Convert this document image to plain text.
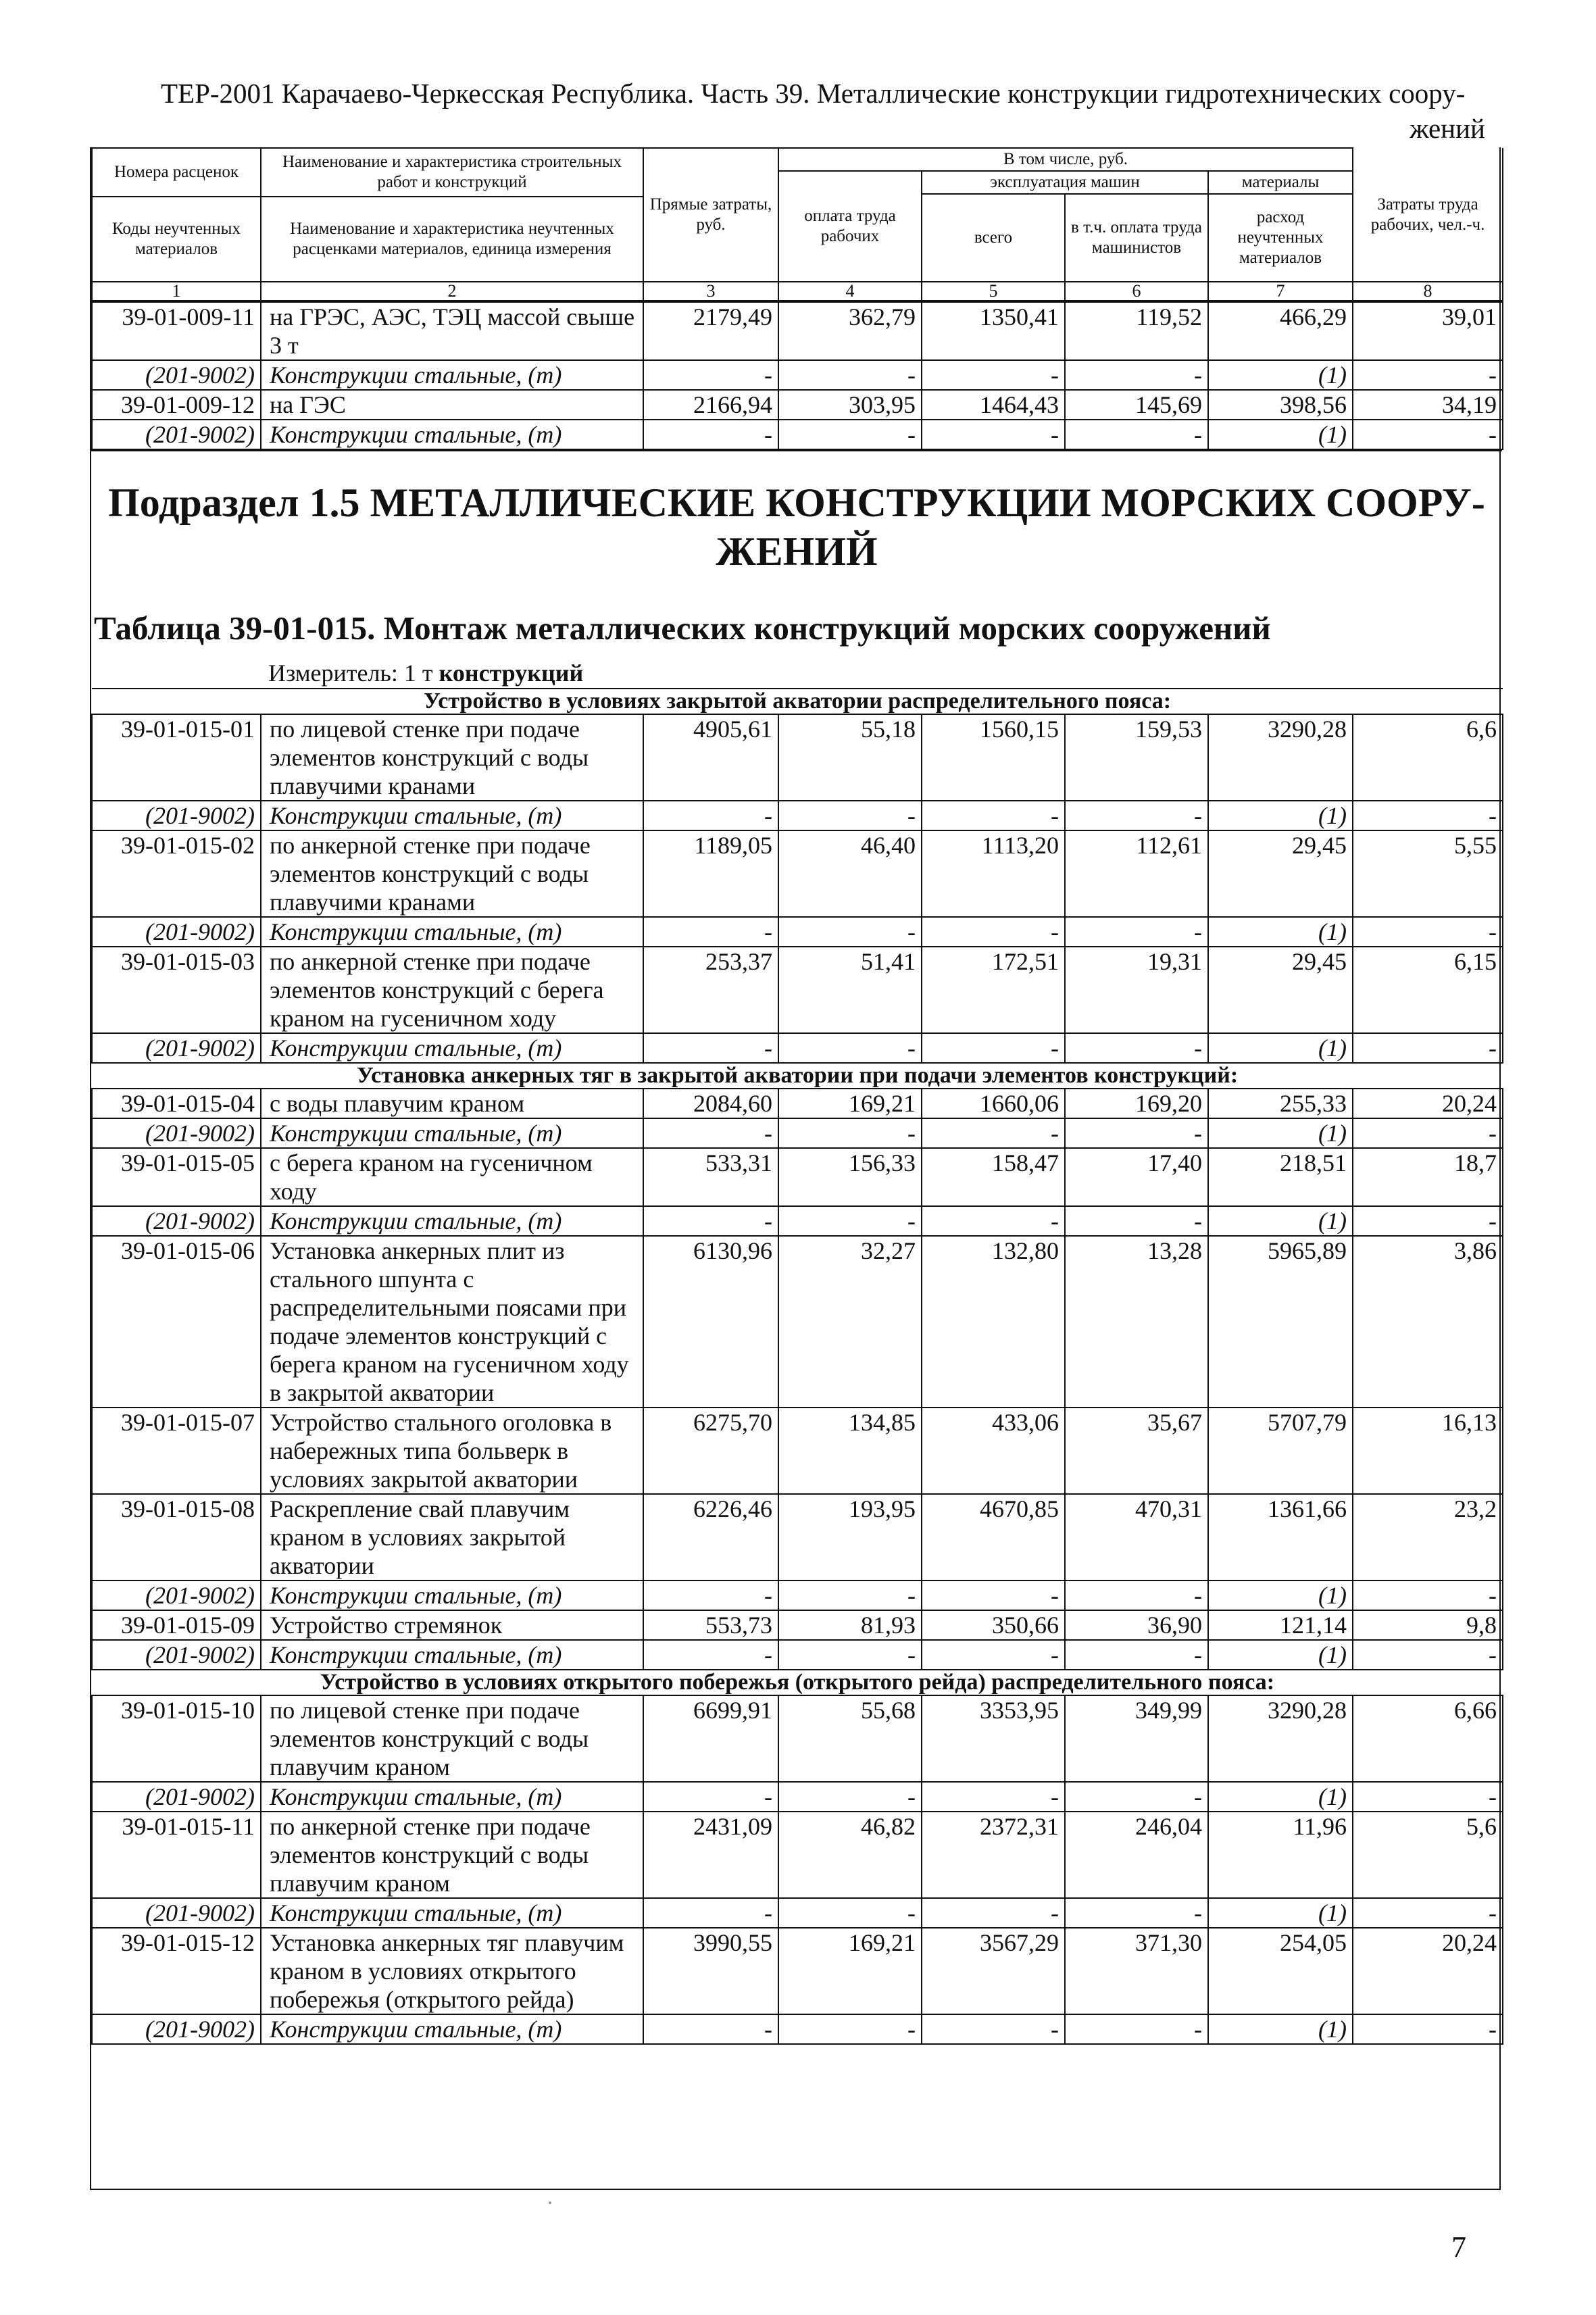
ТЕР-2001 Карачаево-Черкесская Республика. Часть 39. Металлические конструкции гидротехнических соору-
жений
Номера расценок	Наименование и характеристика строительных работ и конструкций	Прямые затраты, руб.	В том числе, руб.				Затраты труда рабочих, чел.-ч.
			оплата труда рабочих	эксплуатация машин		материалы	
				всего	в т.ч. оплата труда машинистов	расход неучтенных материалов	
Коды неучтенных материалов	Наименование и характеристика неучтенных расценками материалов, единица измерения						

1	2	3	4	5	6	7	8
39-01-009-11	на ГРЭС, АЭС, ТЭЦ массой свыше 3 т	2179,49	362,79	1350,41	119,52	466,29	39,01
(201-9002)	Конструкции стальные, (т)	-	-	-	-	(1)	-
39-01-009-12	на ГЭС	2166,94	303,95	1464,43	145,69	398,56	34,19
(201-9002)	Конструкции стальные, (т)	-	-	-	-	(1)	-
Подраздел 1.5 МЕТАЛЛИЧЕСКИЕ КОНСТРУКЦИИ МОРСКИХ СООРУ-
ЖЕНИЙ
Таблица 39-01-015. Монтаж металлических конструкций морских сооружений
Измеритель: 1 т конструкций
Устройство в условиях закрытой акватории распределительного пояса:							
39-01-015-01	по лицевой стенке при подаче элементов конструкций с воды плавучими кранами	4905,61	55,18	1560,15	159,53	3290,28	6,6
(201-9002)	Конструкции стальные, (т)	-	-	-	-	(1)	-
39-01-015-02	по анкерной стенке при подаче элементов конструкций с воды плавучими кранами	1189,05	46,40	1113,20	112,61	29,45	5,55
(201-9002)	Конструкции стальные, (т)	-	-	-	-	(1)	-
39-01-015-03	по анкерной стенке при подаче элементов конструкций с берега краном на гусеничном ходу	253,37	51,41	172,51	19,31	29,45	6,15
(201-9002)	Конструкции стальные, (т)	-	-	-	-	(1)	-
Установка анкерных тяг в закрытой акватории при подачи элементов конструкций:							
39-01-015-04	с воды плавучим краном	2084,60	169,21	1660,06	169,20	255,33	20,24
(201-9002)	Конструкции стальные, (т)	-	-	-	-	(1)	-
39-01-015-05	с берега краном на гусеничном ходу	533,31	156,33	158,47	17,40	218,51	18,7
(201-9002)	Конструкции стальные, (т)	-	-	-	-	(1)	-
39-01-015-06	Установка анкерных плит из стального шпунта с распределительными поясами при подаче элементов конструкций с берега краном на гусеничном ходу в закрытой акватории	6130,96	32,27	132,80	13,28	5965,89	3,86
39-01-015-07	Устройство стального оголовка в набережных типа больверк в условиях закрытой акватории	6275,70	134,85	433,06	35,67	5707,79	16,13
39-01-015-08	Раскрепление свай плавучим краном в условиях закрытой акватории	6226,46	193,95	4670,85	470,31	1361,66	23,2
(201-9002)	Конструкции стальные, (т)	-	-	-	-	(1)	-
39-01-015-09	Устройство стремянок	553,73	81,93	350,66	36,90	121,14	9,8
(201-9002)	Конструкции стальные, (т)	-	-	-	-	(1)	-
Устройство в условиях открытого побережья (открытого рейда) распределительного пояса:							
39-01-015-10	по лицевой стенке при подаче элементов конструкций с воды плавучим краном	6699,91	55,68	3353,95	349,99	3290,28	6,66
(201-9002)	Конструкции стальные, (т)	-	-	-	-	(1)	-
39-01-015-11	по анкерной стенке при подаче элементов конструкций с воды плавучим краном	2431,09	46,82	2372,31	246,04	11,96	5,6
(201-9002)	Конструкции стальные, (т)	-	-	-	-	(1)	-
39-01-015-12	Установка анкерных тяг плавучим краном в условиях открытого побережья (открытого рейда)	3990,55	169,21	3567,29	371,30	254,05	20,24
(201-9002)	Конструкции стальные, (т)	-	-	-	-	(1)	-
7
